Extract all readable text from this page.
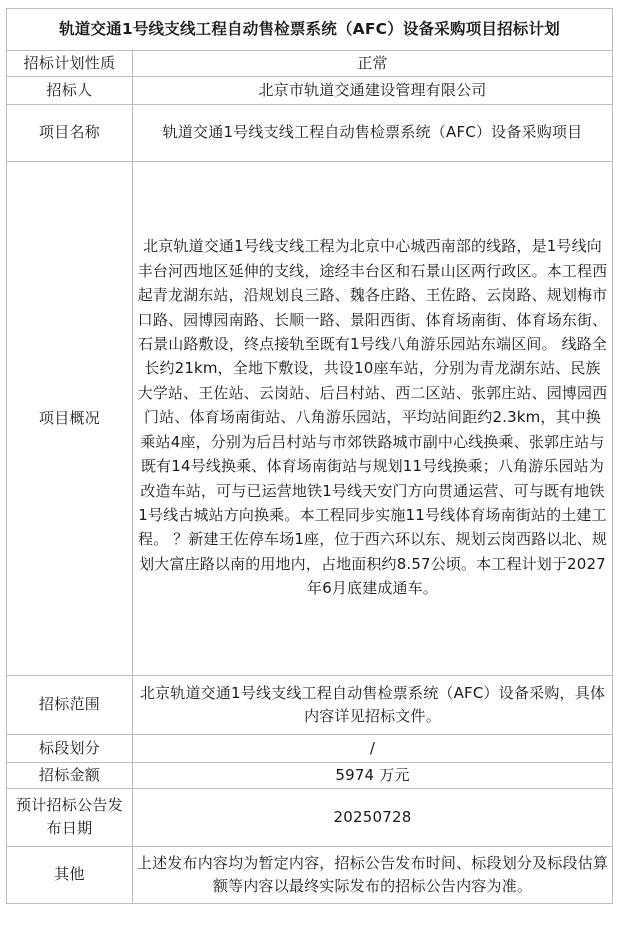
轨道交通1号线支线工程自动售检票系统（AFC）设备采购项目招标计划
招标计划性质	正常
招标人	北京市轨道交通建设管理有限公司
项目名称	轨道交通1号线支线工程自动售检票系统（AFC）设备采购项目
项目概况	北京轨道交通1号线支线工程为北京中心城西南部的线路，是1号线向丰台河西地区延伸的支线，途经丰台区和石景山区两行政区。本工程西起青龙湖东站，沿规划良三路、魏各庄路、王佐路、云岗路、规划梅市口路、园博园南路、长顺一路、景阳西街、体育场南街、体育场东街、石景山路敷设，终点接轨至既有1号线八角游乐园站东端区间。 线路全长约21km，全地下敷设，共设10座车站，分别为青龙湖东站、民族大学站、王佐站、云岗站、后吕村站、西二区站、张郭庄站、园博园西门站、体育场南街站、八角游乐园站，平均站间距约2.3km，其中换乘站4座，分别为后吕村站与市郊铁路城市副中心线换乘、张郭庄站与既有14号线换乘、体育场南街站与规划11号线换乘；八角游乐园站为改造车站，可与已运营地铁1号线天安门方向贯通运营、可与既有地铁1号线古城站方向换乘。本工程同步实施11号线体育场南街站的土建工程。 ？新建王佐停车场1座，位于西六环以东、规划云岗西路以北、规划大富庄路以南的用地内，占地面积约8.57公顷。本工程计划于2027年6月底建成通车。
招标范围	北京轨道交通1号线支线工程自动售检票系统（AFC）设备采购，具体内容详见招标文件。
标段划分	/
招标金额	5974 万元
预计招标公告发布日期	20250728
其他	上述发布内容均为暂定内容，招标公告发布时间、标段划分及标段估算额等内容以最终实际发布的招标公告内容为准。
